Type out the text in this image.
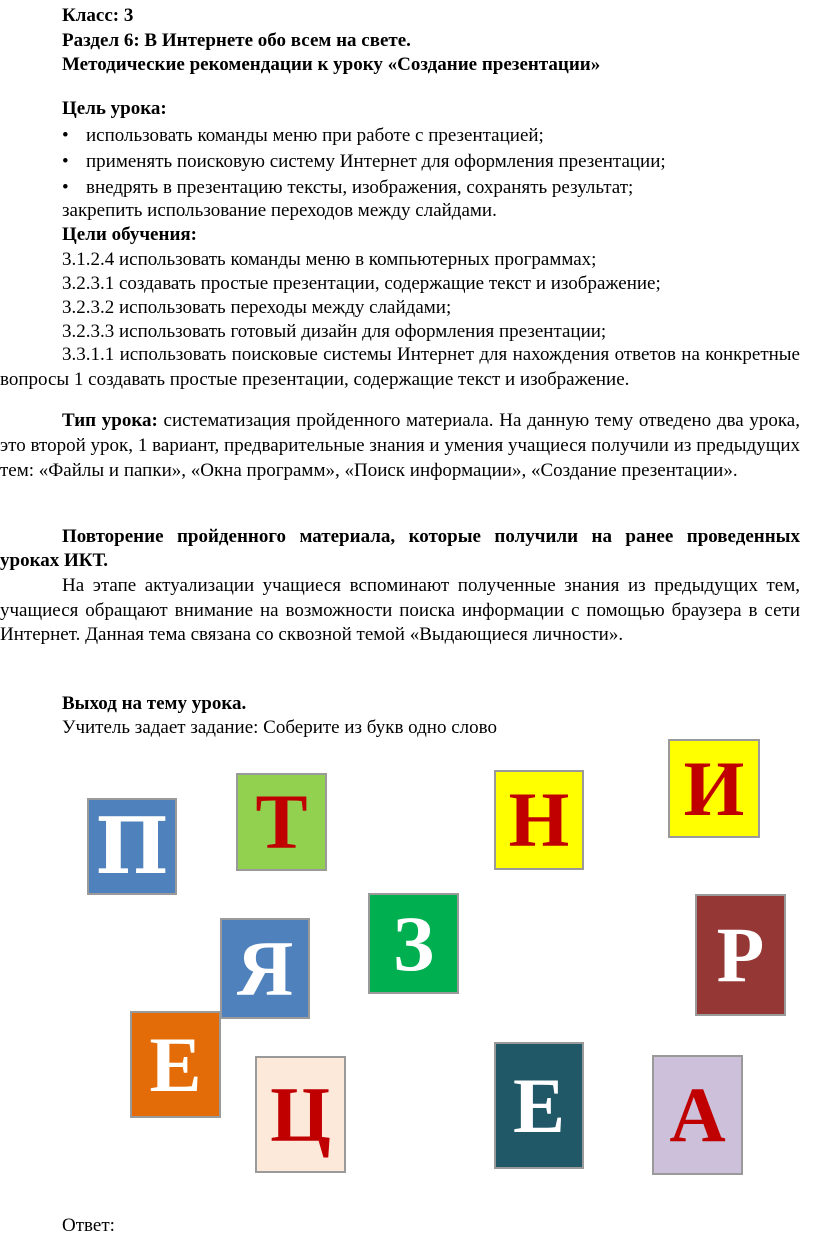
Класс: 3
Раздел 6: В Интернете обо всем на свете.
Методические рекомендации к уроку «Создание презентации»
Цель урока:
• использовать команды меню при работе с презентацией;
• применять поисковую систему Интернет для оформления презентации;
• внедрять в презентацию тексты, изображения, сохранять результат;
закрепить использование переходов между слайдами.
Цели обучения:
3.1.2.4 использовать команды меню в компьютерных программах;
3.2.3.1 создавать простые презентации, содержащие текст и изображение;
3.2.3.2 использовать переходы между слайдами;
3.2.3.3 использовать готовый дизайн для оформления презентации;
3.3.1.1 использовать поисковые системы Интернет для нахождения ответов на конкретные вопросы 1 создавать простые презентации, содержащие текст и изображение.
Тип урока: систематизация пройденного материала. На данную тему отведено два урока, это второй урок, 1 вариант, предварительные знания и умения учащиеся получили из предыдущих тем: «Файлы и папки», «Окна программ», «Поиск информации», «Создание презентации».
Повторение пройденного материала, которые получили на ранее проведенных уроках ИКТ.
На этапе актуализации учащиеся вспоминают полученные знания из предыдущих тем, учащиеся обращают внимание на возможности поиска информации с помощью браузера в сети Интернет. Данная тема связана со сквозной темой «Выдающиеся личности».
Выход на тему урока.
Учитель задает задание: Соберите из букв одно слово
П Т	Н И
З
Я	Р
Е
Ц Е А
Ответ:
